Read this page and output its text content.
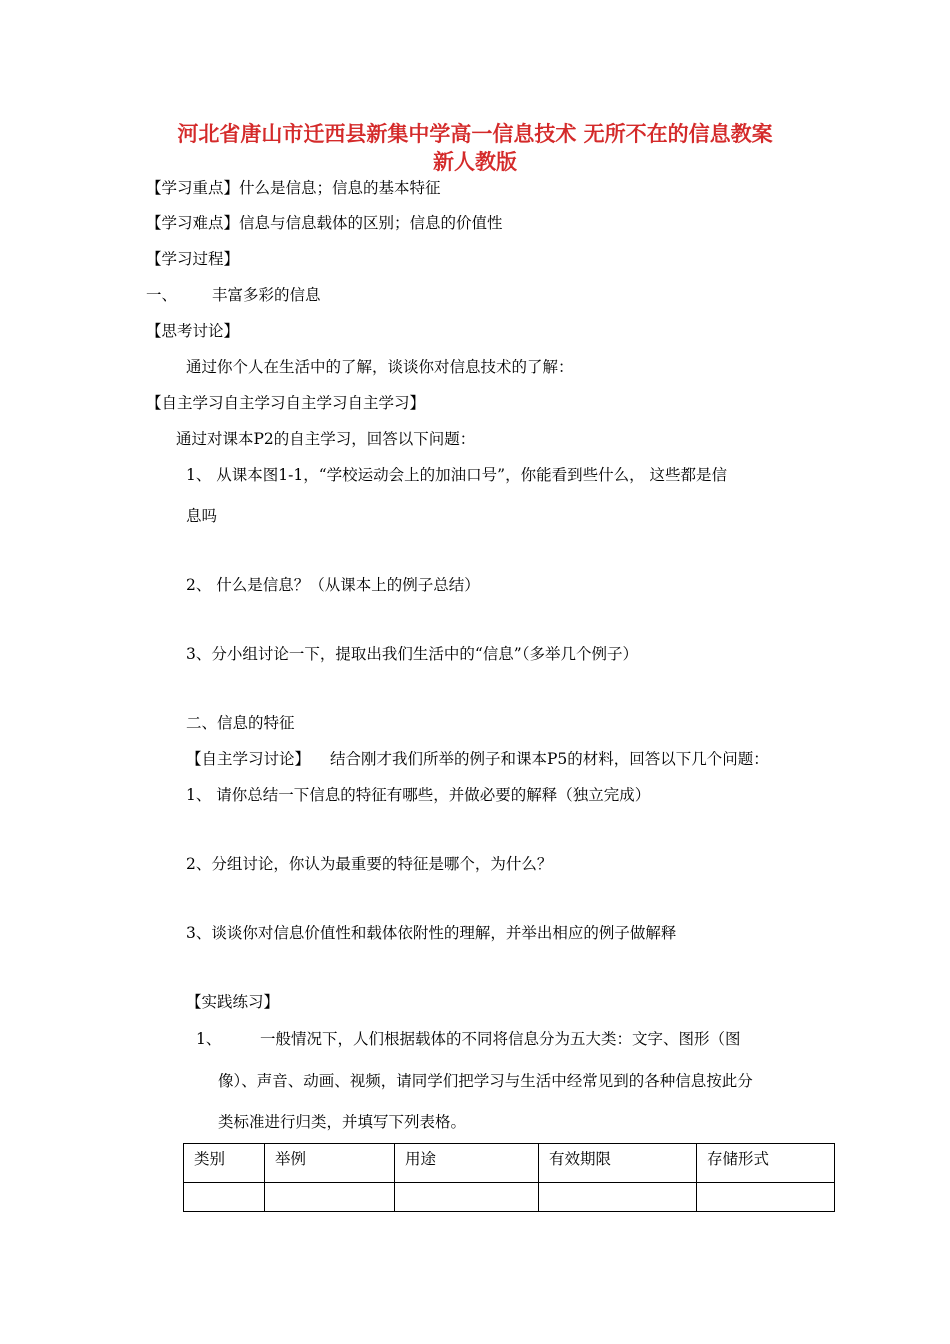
河北省唐山市迁西县新集中学高一信息技术 无所不在的信息教案
新人教版
【学习重点】什么是信息；信息的基本特征
【学习难点】信息与信息载体的区别；信息的价值性
【学习过程】
一、 丰富多彩的信息
【思考讨论】
通过你个人在生活中的了解，谈谈你对信息技术的了解：
【自主学习自主学习自主学习自主学习】
通过对课本P2的自主学习，回答以下问题：
1、 从课本图1-1，“学校运动会上的加油口号”，你能看到些什么， 这些都是信
息吗
2、 什么是信息？（从课本上的例子总结）
3、分小组讨论一下，提取出我们生活中的“信息”（多举几个例子）
二、信息的特征
【自主学习讨论】 结合刚才我们所举的例子和课本P5的材料，回答以下几个问题：
1、 请你总结一下信息的特征有哪些，并做必要的解释（独立完成）
2、分组讨论，你认为最重要的特征是哪个，为什么？
3、谈谈你对信息价值性和载体依附性的理解，并举出相应的例子做解释
【实践练习】
1、 一般情况下，人们根据载体的不同将信息分为五大类：文字、图形（图
像）、声音、动画、视频，请同学们把学习与生活中经常见到的各种信息按此分
类标准进行归类，并填写下列表格。
类别	举例	用途	有效期限	存储形式
